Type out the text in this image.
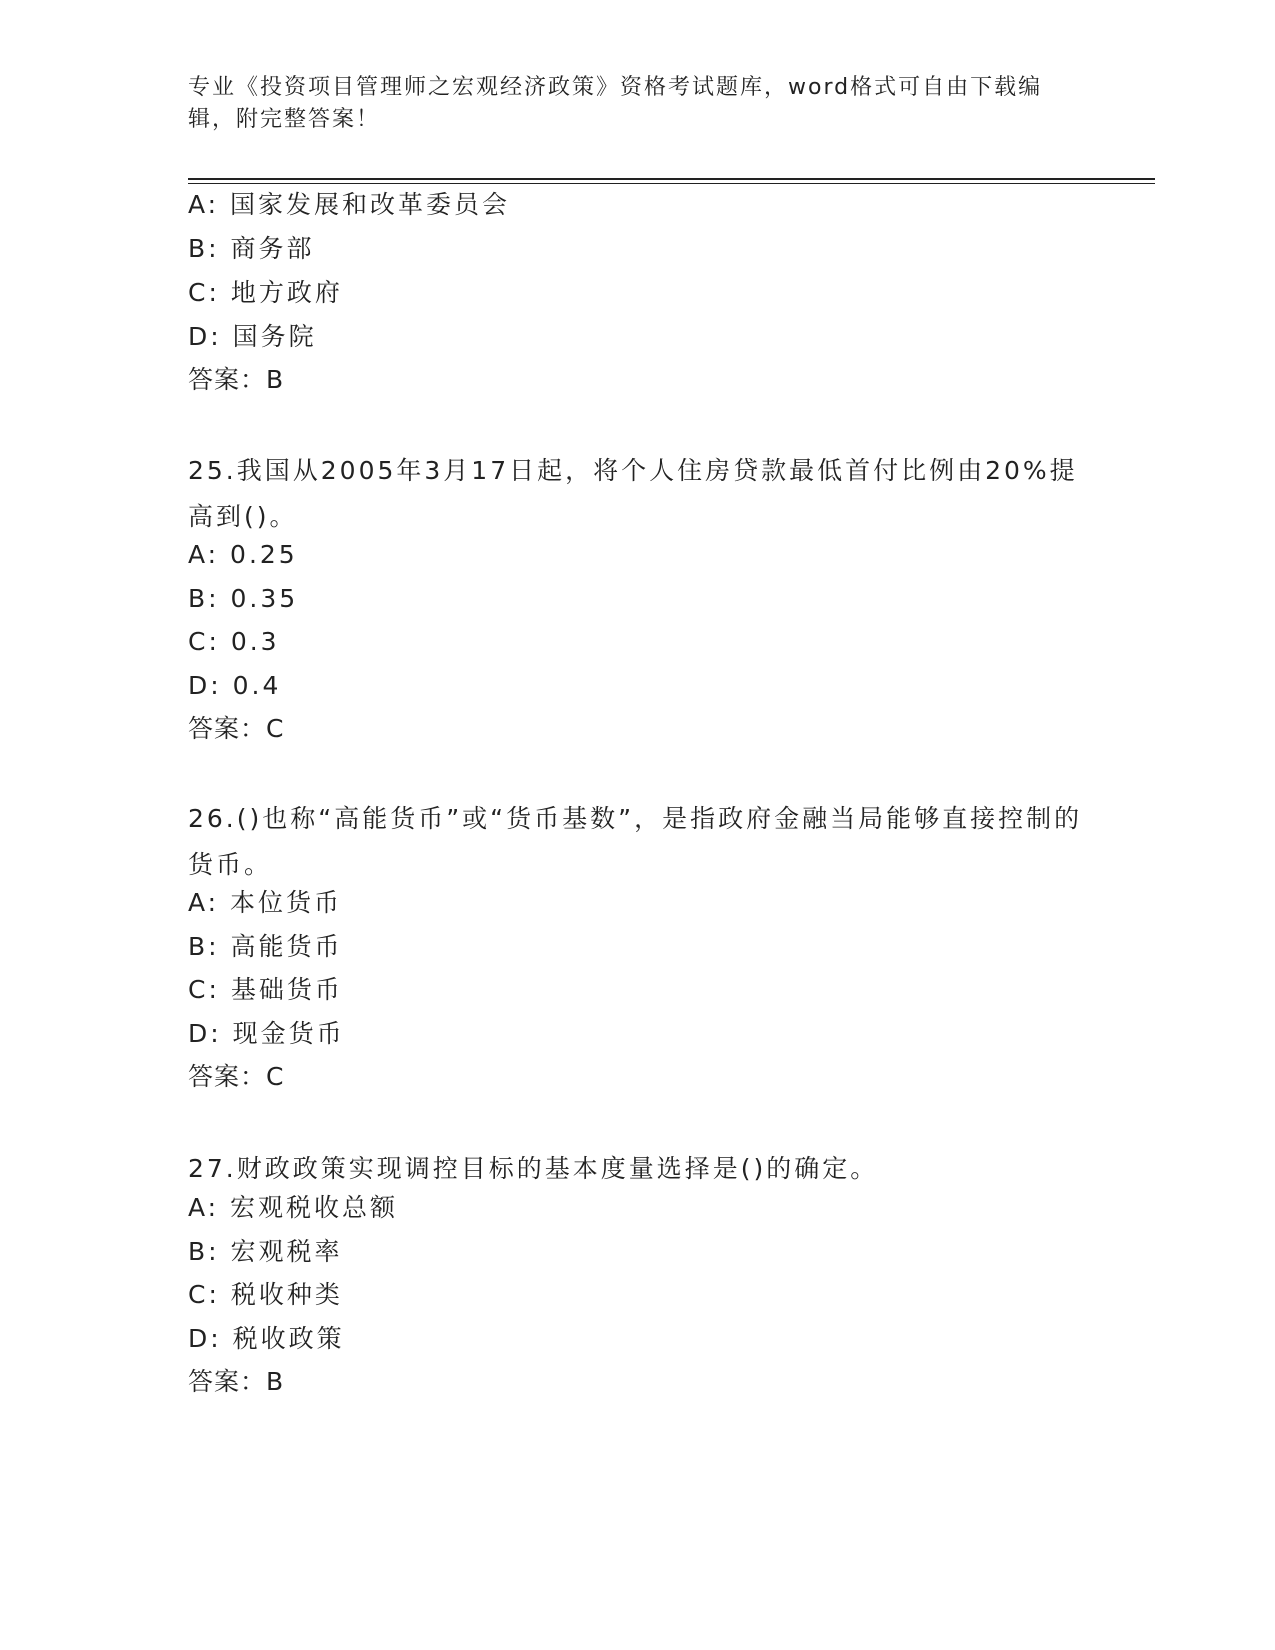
专业《投资项目管理师之宏观经济政策》资格考试题库，word格式可自由下载编辑，附完整答案！
A: 国家发展和改革委员会
B: 商务部
C: 地方政府
D: 国务院
答案：B
25.我国从2005年3月17日起，将个人住房贷款最低首付比例由20%提高到()。
A: 0.25
B: 0.35
C: 0.3
D: 0.4
答案：C
26.()也称“高能货币”或“货币基数”，是指政府金融当局能够直接控制的货币。
A: 本位货币
B: 高能货币
C: 基础货币
D: 现金货币
答案：C
27.财政政策实现调控目标的基本度量选择是()的确定。
A: 宏观税收总额
B: 宏观税率
C: 税收种类
D: 税收政策
答案：B
